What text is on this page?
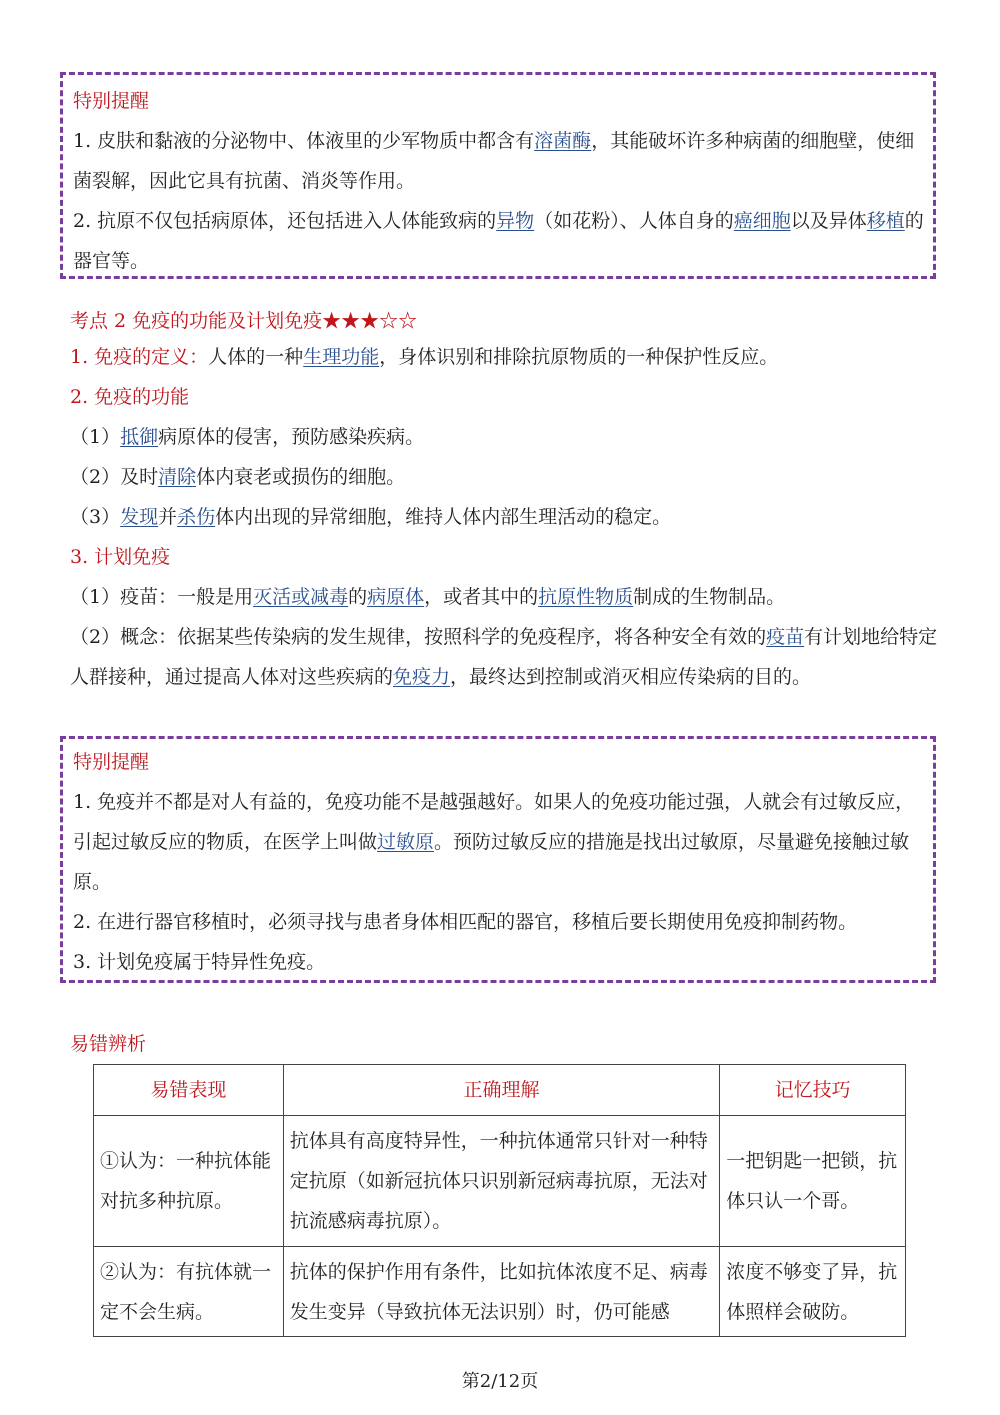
特别提醒
1. 皮肤和黏液的分泌物中、体液里的少军物质中都含有溶菌酶，其能破坏许多种病菌的细胞壁，使细菌裂解，因此它具有抗菌、消炎等作用。
2. 抗原不仅包括病原体，还包括进入人体能致病的异物（如花粉）、人体自身的癌细胞以及异体移植的器官等。
考点 2 免疫的功能及计划免疫★★★☆☆
1. 免疫的定义：人体的一种生理功能，身体识别和排除抗原物质的一种保护性反应。
2. 免疫的功能
（1）抵御病原体的侵害，预防感染疾病。
（2）及时清除体内衰老或损伤的细胞。
（3）发现并杀伤体内出现的异常细胞，维持人体内部生理活动的稳定。
3. 计划免疫
（1）疫苗：一般是用灭活或减毒的病原体，或者其中的抗原性物质制成的生物制品。
（2）概念：依据某些传染病的发生规律，按照科学的免疫程序，将各种安全有效的疫苗有计划地给特定人群接种，通过提高人体对这些疾病的免疫力，最终达到控制或消灭相应传染病的目的。
特别提醒
1. 免疫并不都是对人有益的，免疫功能不是越强越好。如果人的免疫功能过强，人就会有过敏反应，引起过敏反应的物质，在医学上叫做过敏原。预防过敏反应的措施是找出过敏原，尽量避免接触过敏原。
2. 在进行器官移植时，必须寻找与患者身体相匹配的器官，移植后要长期使用免疫抑制药物。
3. 计划免疫属于特异性免疫。
易错辨析
易错表现	正确理解	记忆技巧
①认为：一种抗体能对抗多种抗原。	抗体具有高度特异性，一种抗体通常只针对一种特定抗原（如新冠抗体只识别新冠病毒抗原，无法对抗流感病毒抗原）。	一把钥匙一把锁，抗体只认一个哥。
②认为：有抗体就一定不会生病。	抗体的保护作用有条件，比如抗体浓度不足、病毒发生变异（导致抗体无法识别）时，仍可能感	浓度不够变了异，抗体照样会破防。
第2/12页
